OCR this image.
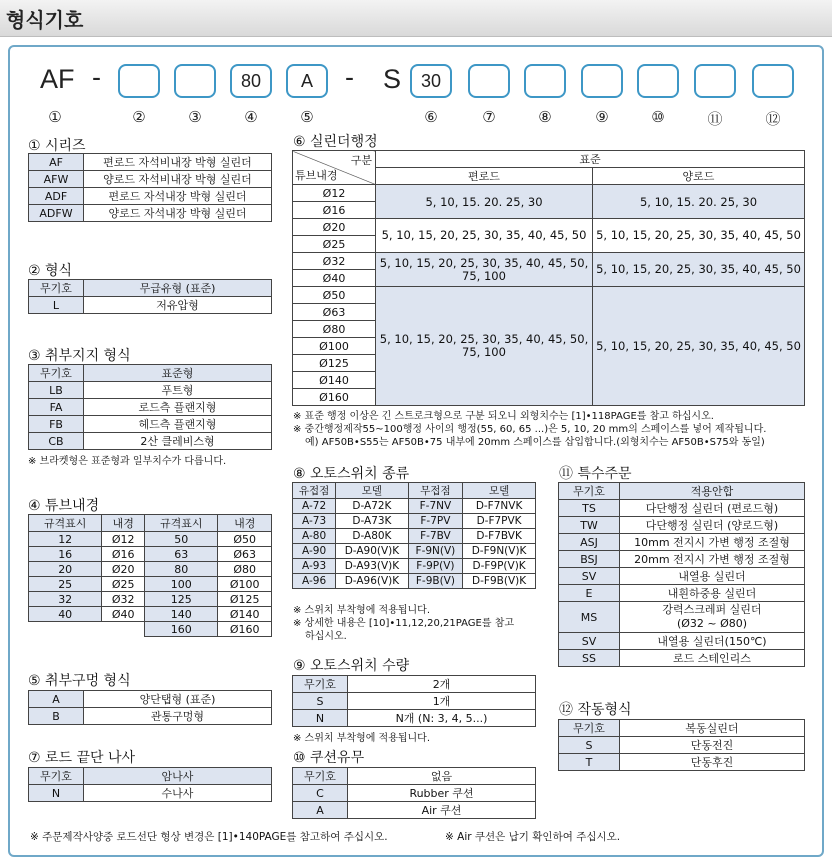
형식기호
AF -	80	A	- S	30
①	②	③	④	⑤	⑥	⑦	⑧	⑨	⑩	⑪	⑫
① 시리즈
AF	편로드 자석비내장 박형 실린더
AFW	양로드 자석비내장 박형 실린더
ADF	편로드 자석내장 박형 실린더
ADFW	양로드 자석내장 박형 실린더
② 형식
무기호	무급유형 (표준)
L	저유압형
③ 취부지지 형식
무기호	표준형
LB	푸트형
FA	로드측 플랜지형
FB	헤드측 플랜지형
CB	2산 클레비스형
※ 브라켓형은 표준형과 일부치수가 다릅니다.
④ 튜브내경
규격표시	내경	규격표시	내경
12	Ø12	50	Ø50
16	Ø16	63	Ø63
20	Ø20	80	Ø80
25	Ø25	100	Ø100
32	Ø32	125	Ø125
40	Ø40	140	Ø140
		160	Ø160
⑤ 취부구멍 형식
A	양단탭형 (표준)
B	관통구멍형
⑦ 로드 끝단 나사
무기호	암나사
N	수나사
⑥ 실린더행정
구분
튜브내경	표준	
	편로드	양로드
Ø12	5, 10, 15. 20. 25, 30	5, 10, 15. 20. 25, 30
Ø16		
Ø20	5, 10, 15, 20, 25, 30, 35, 40, 45, 50	5, 10, 15, 20, 25, 30, 35, 40, 45, 50
Ø25		
Ø32	5, 10, 15, 20, 25, 30, 35, 40, 45, 50, 75, 100	5, 10, 15, 20, 25, 30, 35, 40, 45, 50
Ø40		
Ø50	5, 10, 15, 20, 25, 30, 35, 40, 45, 50, 75, 100	5, 10, 15, 20, 25, 30, 35, 40, 45, 50
Ø63		
Ø80		
Ø100		
Ø125		
Ø140		
Ø160		
※ 표준 행정 이상은 긴 스트로크형으로 구분 되오니 외형치수는 [1]•118PAGE를 참고 하십시오.
※ 중간행정제작55~100행정 사이의 행정(55, 60, 65 ...)은 5, 10, 20 mm의 스페이스를 넣어 제작됩니다.
예) AF50B•S55는 AF50B•75 내부에 20mm 스페이스를 삽입합니다.(외형치수는 AF50B•S75와 동일)
⑧ 오토스위치 종류
유접점	모델	무접점	모델
A-72	D-A72K	F-7NV	D-F7NVK
A-73	D-A73K	F-7PV	D-F7PVK
A-80	D-A80K	F-7BV	D-F7BVK
A-90	D-A90(V)K	F-9N(V)	D-F9N(V)K
A-93	D-A93(V)K	F-9P(V)	D-F9P(V)K
A-96	D-A96(V)K	F-9B(V)	D-F9B(V)K
※ 스위치 부착형에 적용됩니다.
※ 상세한 내용은 [10]•11,12,20,21PAGE를 참고
하십시오.
⑨ 오토스위치 수량
무기호	2개
S	1개
N	N개 (N: 3, 4, 5...)
※ 스위치 부착형에 적용됩니다.
⑩ 쿠션유무
무기호	없음
C	Rubber 쿠션
A	Air 쿠션
⑪ 특수주문
무기호	적용안합
TS	다단행정 실린더 (편로드형)
TW	다단행정 실린더 (양로드형)
ASJ	10mm 전지시 가변 행정 조절형
BSJ	20mm 전지시 가변 행정 조절형
SV	내열용 실린더
E	내흰하중용 실린더
MS	강력스크레퍼 실린더
(Ø32 ~ Ø80)

SV	내열용 실린더(150℃)
SS	로드 스테인리스
⑫ 작동형식
무기호	복동실린더
S	단동전진
T	단동후진
※ 주문제작사양중 로드선단 형상 변경은 [1]•140PAGE를 참고하여 주십시오.	※ Air 쿠션은 납기 확인하여 주십시오.
